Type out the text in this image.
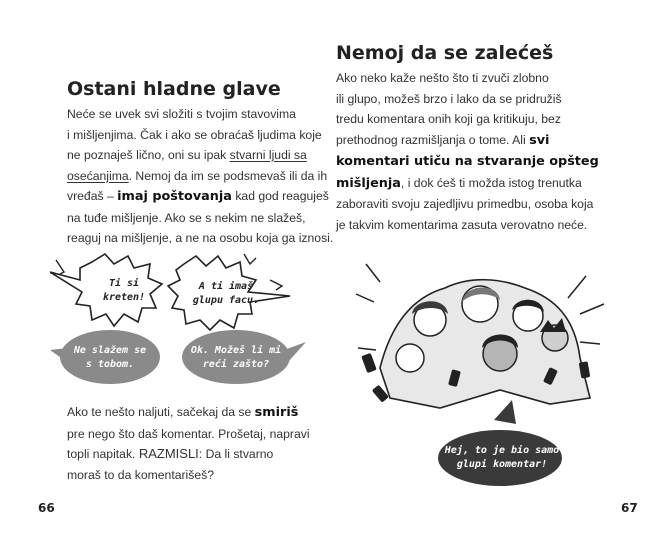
Ostani hladne glave
Neće se uvek svi složiti s tvojim stavovima
i mišljenjima. Čak i ako se obraćaš ljudima koje
ne poznaješ lično, oni su ipak stvarni ljudi sa
osećanjima. Nemoj da im se podsmevaš ili da ih
vređaš – imaj poštovanja kad god reaguješ
na tuđe mišljenje. Ako se s nekim ne slažeš,
reaguj na mišljenje, a ne na osobu koja ga iznosi.
Ti si
kreten!
A ti imaš
glupu facu.
Ne slažem se
s tobom.
Ok. Možeš li mi
reći zašto?
Ako te nešto naljuti, sačekaj da se smiriš
pre nego što daš komentar. Prošetaj, napravi
topli napitak. RAZMISLI: Da li stvarno
moraš to da komentarišeš?
66
Nemoj da se zalećeš
Ako neko kaže nešto što ti zvuči zlobno
ili glupo, možeš brzo i lako da se pridružiš
tredu komentara onih koji ga kritikuju, bez
prethodnog razmišljanja o tome. Ali svi
komentari utiču na stvaranje opšteg
mišljenja, i dok ćeš ti možda istog trenutka
zaboraviti svoju zajedljivu primedbu, osoba koja
je takvim komentarima zasuta verovatno neće.
Hej, to je bio samo
glupi komentar!
67
